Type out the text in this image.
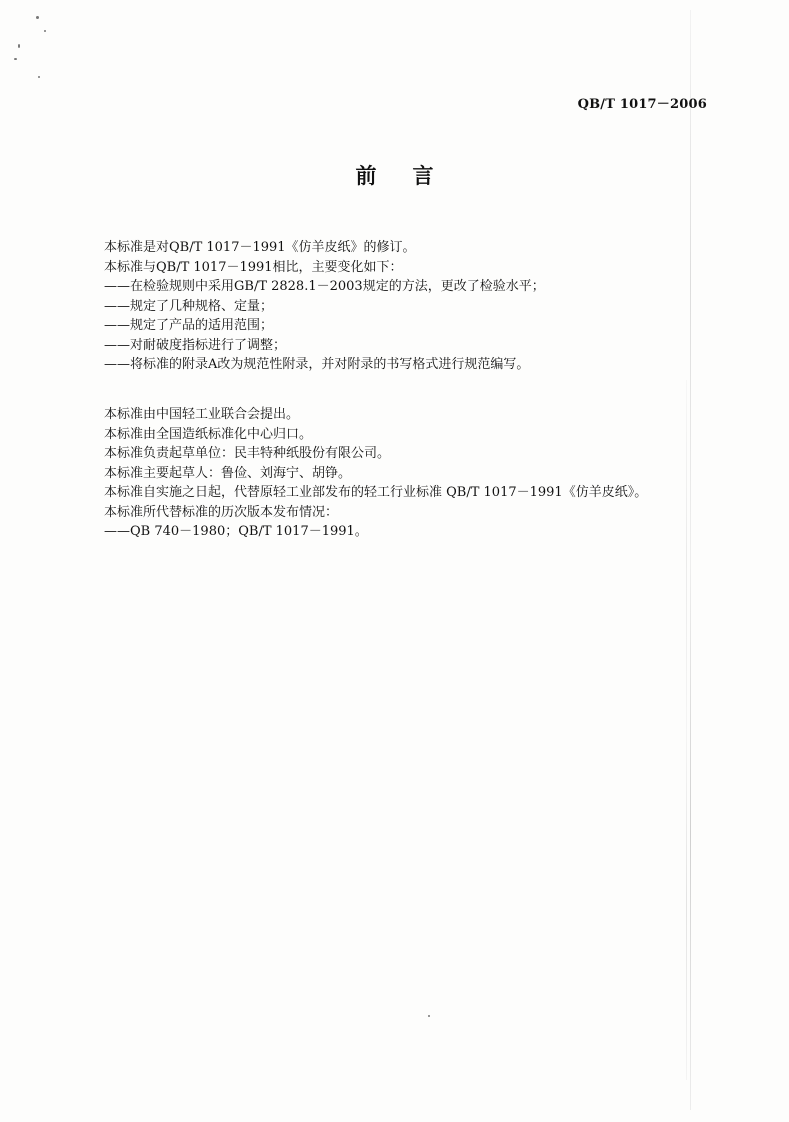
QB/T 1017－2006
前言
本标准是对QB/T 1017－1991《仿羊皮纸》的修订。
本标准与QB/T 1017－1991相比，主要变化如下：
——在检验规则中采用GB/T 2828.1－2003规定的方法，更改了检验水平；
——规定了几种规格、定量；
——规定了产品的适用范围；
——对耐破度指标进行了调整；
——将标准的附录A改为规范性附录，并对附录的书写格式进行规范编写。
本标准由中国轻工业联合会提出。
本标准由全国造纸标准化中心归口。
本标准负责起草单位：民丰特种纸股份有限公司。
本标准主要起草人：鲁俭、刘海宁、胡铮。
本标准自实施之日起，代替原轻工业部发布的轻工行业标准 QB/T 1017－1991《仿羊皮纸》。
本标准所代替标准的历次版本发布情况：
——QB 740－1980；QB/T 1017－1991。
